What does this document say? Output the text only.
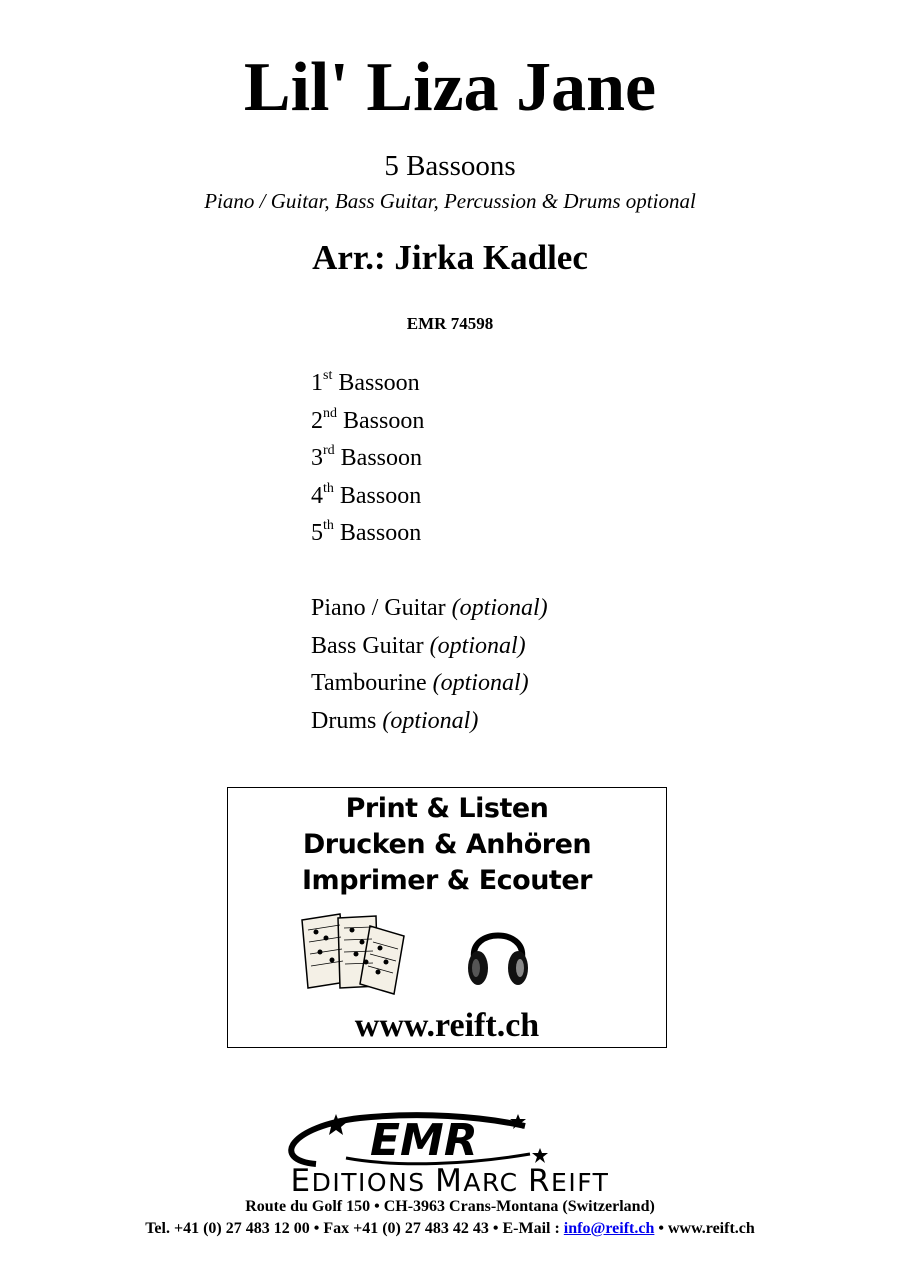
Lil' Liza Jane
5 Bassoons
Piano / Guitar, Bass Guitar, Percussion & Drums optional
Arr.: Jirka Kadlec
EMR 74598
1st Bassoon
2nd Bassoon
3rd Bassoon
4th Bassoon
5th Bassoon
Piano / Guitar (optional)
Bass Guitar (optional)
Tambourine (optional)
Drums (optional)
Print & Listen
Drucken & Anhören
Imprimer & Ecouter
www.reift.ch
EMR
EDITIONS MARC REIFT
Route du Golf 150 • CH-3963 Crans-Montana (Switzerland)
Tel. +41 (0) 27 483 12 00 • Fax +41 (0) 27 483 42 43 • E-Mail : info@reift.ch • www.reift.ch
